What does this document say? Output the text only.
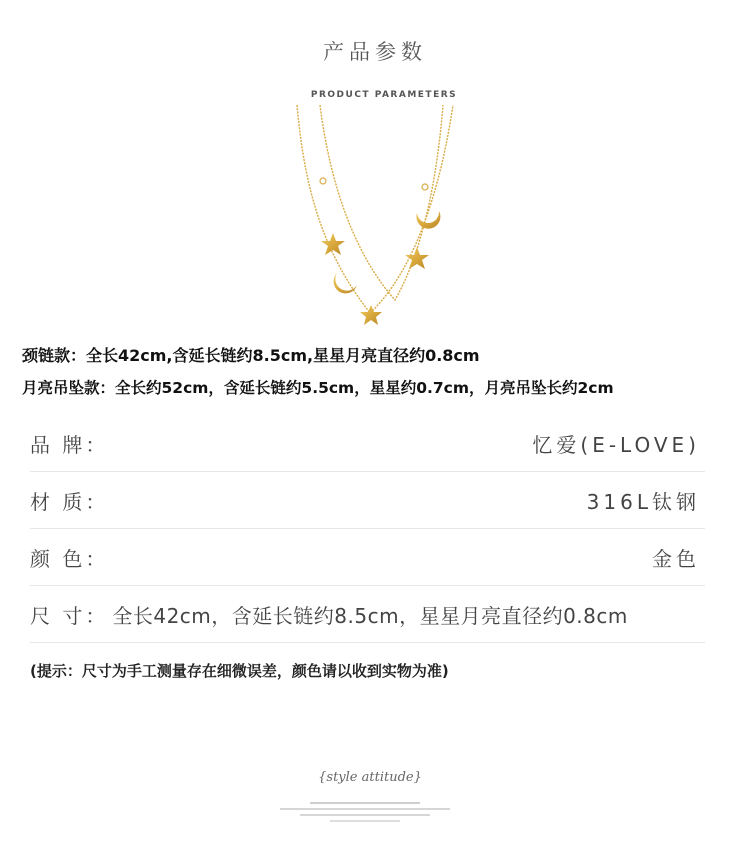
产品参数
PRODUCT PARAMETERS
颈链款：全长42cm,含延长链约8.5cm,星星月亮直径约0.8cm
月亮吊坠款：全长约52cm，含延长链约5.5cm，星星约0.7cm，月亮吊坠长约2cm
品 牌：	忆爱(E-LOVE)
材 质：	316L钛钢
颜 色：	金色
尺 寸： 全长42cm，含延长链约8.5cm，星星月亮直径约0.8cm
(提示：尺寸为手工测量存在细微误差，颜色请以收到实物为准)
{style attitude}
